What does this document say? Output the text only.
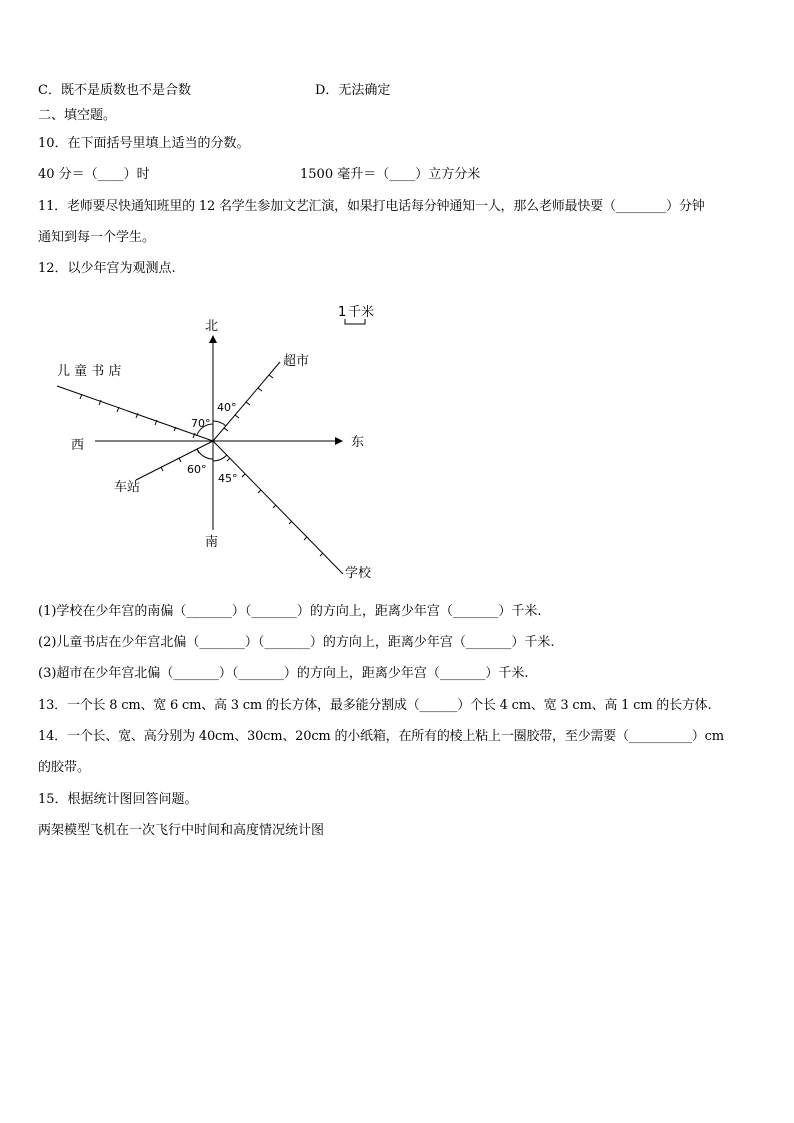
C．既不是质数也不是合数	D．无法确定
二、填空题。
10．在下面括号里填上适当的分数。
40 分＝（____）时	1500 毫升＝（____）立方分米
11．老师要尽快通知班里的 12 名学生参加文艺汇演，如果打电话每分钟通知一人，那么老师最快要（________）分钟
通知到每一个学生。
12．以少年宫为观测点.
1 千米
北
南
东
西
70°
40°
60°
45°
儿 童 书 店
超市
车站
学校
(1)学校在少年宫的南偏（_______）（_______）的方向上，距离少年宫（_______）千米.
(2)儿童书店在少年宫北偏（_______）（_______）的方向上，距离少年宫（_______）千米.
(3)超市在少年宫北偏（_______）（_______）的方向上，距离少年宫（_______）千米.
13．一个长 8 cm、宽 6 cm、高 3 cm 的长方体，最多能分割成（______）个长 4 cm、宽 3 cm、高 1 cm 的长方体.
14．一个长、宽、高分别为 40cm、30cm、20cm 的小纸箱，在所有的棱上粘上一圈胶带，至少需要（__________）cm
的胶带。
15．根据统计图回答问题。
两架模型飞机在一次飞行中时间和高度情况统计图
